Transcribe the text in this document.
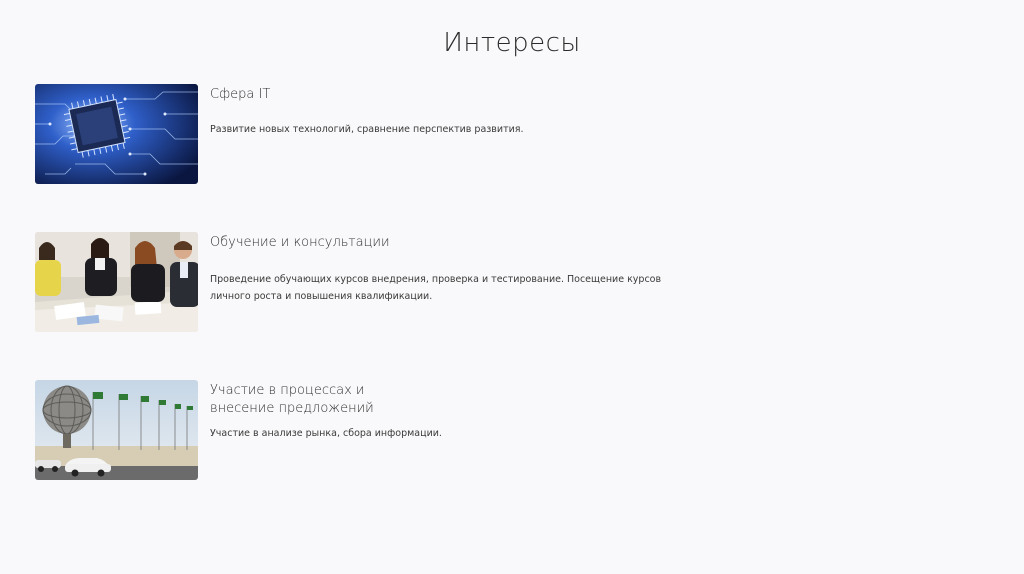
Интересы
Сфера IT
Развитие новых технологий, сравнение перспектив развития.
Обучение и консультации
Проведение обучающих курсов внедрения, проверка и тестирование. Посещение курсов личного роста и повышения квалификации.
Участие в процессах и внесение предложений
Участие в анализе рынка, сбора информации.
